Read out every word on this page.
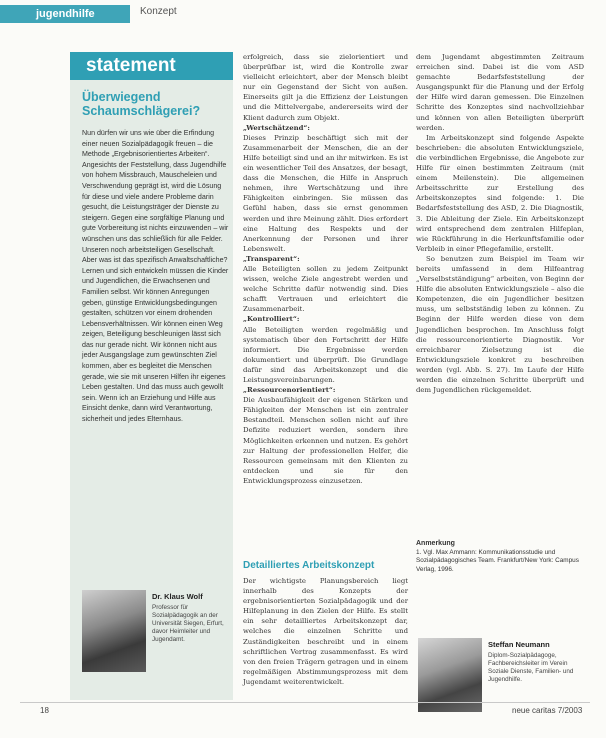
jugendhilfe	Konzept
statement
Überwiegend Schaumschlägerei?
Nun dürfen wir uns wie über die Erfindung einer neuen Sozialpädagogik freuen – die Methode „Ergebnisorientiertes Arbeiten“. Angesichts der Feststellung, dass Jugendhilfe von hohem Missbrauch, Mauscheleien und Verschwendung geprägt ist, wird die Lösung für diese und viele andere Probleme darin gesucht, die Leistungsträger der Dienste zu steigern. Gegen eine sorgfältige Planung und gute Vorbereitung ist nichts einzuwenden – wir wünschen uns das schließlich für alle Felder. Unseren noch arbeitsteiligen Gesellschaft. Aber was ist das spezifisch Anwaltschaftliche? Lernen und sich entwickeln müssen die Kinder und Jugendlichen, die Erwachsenen und Familien selbst. Wir können Anregungen geben, günstige Entwicklungsbedingungen gestalten, schützen vor einem drohenden Lebensverhältnissen. Wir können einen Weg zeigen, Beteiligung beschleunigen lässt sich das nur gerade nicht. Wir können nicht aus jeder Ausgangslage zum gewünschten Ziel kommen, aber es begleitet die Menschen gerade, wie sie mit unseren Hilfen ihr eigenes Leben gestalten. Und das muss auch gewollt sein. Wenn ich an Erziehung und Hilfe aus Einsicht denke, dann wird Verantwortung, sicherheit und jedes Elternhaus.
Dr. Klaus Wolf
Professor für Sozialpädagogik an der Universität Siegen, Erfurt, davor Heimleiter und Jugendamt.

erfolgreich, dass sie zielorientiert und überprüfbar ist, wird die Kontrolle zwar vielleicht erleichtert, aber der Mensch bleibt nur ein Gegenstand der Sicht von außen. Einerseits gilt ja die Effizienz der Leistungen und die Mittelvergabe, andererseits wird der Klient dadurch zum Objekt.

„Wertschätzend“:

Dieses Prinzip beschäftigt sich mit der Zusammenarbeit der Menschen, die an der Hilfe beteiligt sind und an ihr mitwirken. Es ist ein wesentlicher Teil des Ansatzes, der besagt, dass die Menschen, die Hilfe in Anspruch nehmen, ihre Wertschätzung und ihre Fähigkeiten einbringen. Sie müssen das Gefühl haben, dass sie ernst genommen werden und ihre Meinung zählt. Dies erfordert eine Haltung des Respekts und der Anerkennung der Personen und ihrer Lebenswelt.

„Transparent“:

Alle Beteiligten sollen zu jedem Zeitpunkt wissen, welche Ziele angestrebt werden und welche Schritte dafür notwendig sind. Dies schafft Vertrauen und erleichtert die Zusammenarbeit.

„Kontrolliert“:

Alle Beteiligten werden regelmäßig und systematisch über den Fortschritt der Hilfe informiert. Die Ergebnisse werden dokumentiert und überprüft. Die Grundlage dafür sind das Arbeitskonzept und die Leistungsvereinbarungen.

„Ressourcenorientiert“:

Die Ausbaufähigkeit der eigenen Stärken und Fähigkeiten der Menschen ist ein zentraler Bestandteil. Menschen sollen nicht auf ihre Defizite reduziert werden, sondern ihre Möglichkeiten erkennen und nutzen. Es gehört zur Haltung der professionellen Helfer, die Ressourcen gemeinsam mit den Klienten zu entdecken und sie für den Entwicklungsprozess einzusetzen.

Detailliertes Arbeitskonzept

Der wichtigste Planungsbereich liegt innerhalb des Konzepts der ergebnisorientierten Sozialpädagogik und der Hilfeplanung in den Zielen der Hilfe. Es stellt ein sehr detailliertes Arbeitskonzept dar, welches die einzelnen Schritte und Zuständigkeiten beschreibt und in einem schriftlichen Vertrag zusammenfasst. Es wird von den freien Trägern getragen und in einem regelmäßigen Abstimmungsprozess mit dem Jugendamt weiterentwickelt.

dem Jugendamt abgestimmten Zeitraum erreichen sind. Dabei ist die vom ASD gemachte Bedarfsfeststellung der Ausgangspunkt für die Planung und der Erfolg der Hilfe wird daran gemessen. Die Einzelnen Schritte des Konzeptes sind nachvollziehbar und können von allen Beteiligten überprüft werden.

Im Arbeitskonzept sind folgende Aspekte beschrieben: die absoluten Entwicklungsziele, die verbindlichen Ergebnisse, die Angebote zur Hilfe für einen bestimmten Zeitraum (mit einem Meilenstein). Die allgemeinen Arbeitsschritte zur Erstellung des Arbeitskonzeptes sind folgende: 1. Die Bedarfsfeststellung des ASD, 2. Die Diagnostik, 3. Die Ableitung der Ziele. Ein Arbeitskonzept wird entsprechend dem zentralen Hilfeplan, wie Rückführung in die Herkunftsfamilie oder Verbleib in einer Pflegefamilie, erstellt.

So benutzen zum Beispiel im Team wir bereits umfassend in dem Hilfeantrag „Verselbstständigung“ arbeiten, von Beginn der Hilfe die absoluten Entwicklungsziele – also die Kompetenzen, die ein Jugendlicher besitzen muss, um selbstständig leben zu können. Zu Beginn der Hilfe werden diese von dem Jugendlichen besprochen. Im Anschluss folgt die ressourcenorientierte Diagnostik. Vor erreichbarer Zielsetzung ist die Entwicklungsziele konkret zu beschreiben werden (vgl. Abb. S. 27). Im Laufe der Hilfe werden die einzelnen Schritte überprüft und dem Jugendlichen rückgemeldet.

Anmerkung
1. Vgl. Max Ammann: Kommunikationsstudie und Sozialpädagogisches Team. Frankfurt/New York: Campus Verlag, 1996.
Steffan Neumann
Diplom-Sozialpädagoge, Fachbereichsleiter im Verein Soziale Dienste, Familien- und Jugendhilfe.
18	neue caritas 7/2003
